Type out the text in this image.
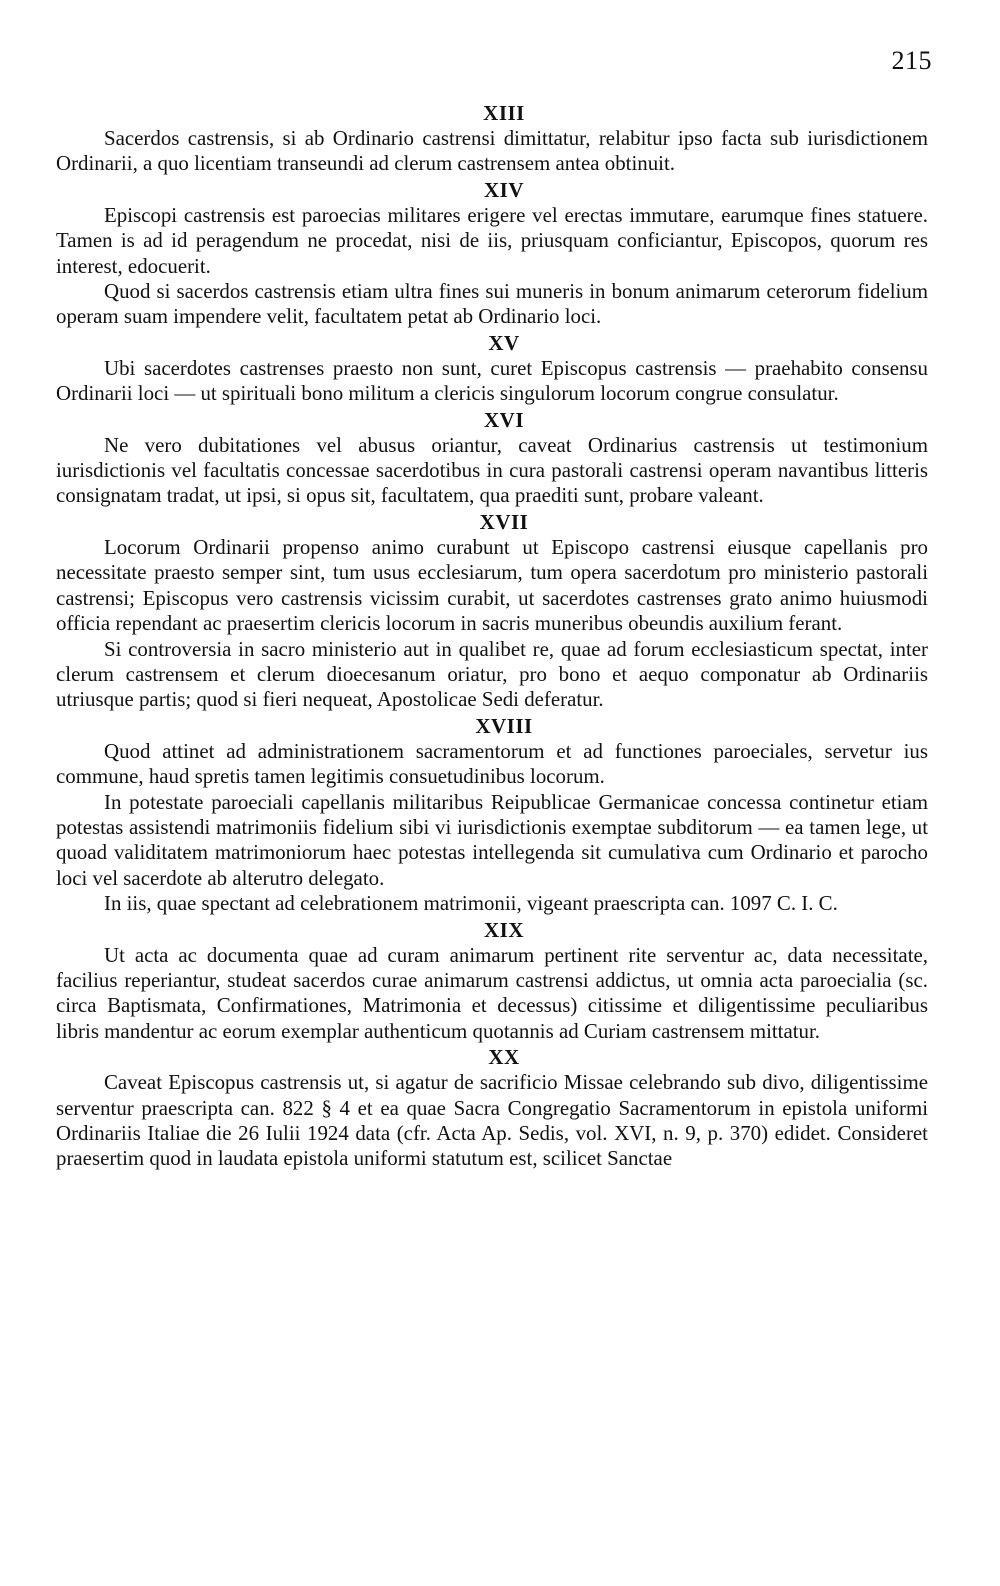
215
XIII

Sacerdos castrensis, si ab Ordinario castrensi dimittatur, relabitur ipso facta sub iurisdictionem Ordinarii, a quo licentiam transeundi ad clerum castrensem antea obtinuit.

XIV

Episcopi castrensis est paroecias militares erigere vel erectas immutare, earumque fines statuere. Tamen is ad id peragendum ne procedat, nisi de iis, priusquam conficiantur, Episcopos, quorum res interest, edocuerit.

Quod si sacerdos castrensis etiam ultra fines sui muneris in bonum animarum ceterorum fidelium operam suam impendere velit, facultatem petat ab Ordinario loci.

XV

Ubi sacerdotes castrenses praesto non sunt, curet Episcopus castrensis — praehabito consensu Ordinarii loci — ut spirituali bono militum a clericis singulorum locorum congrue consulatur.

XVI

Ne vero dubitationes vel abusus oriantur, caveat Ordinarius castrensis ut testimonium iurisdictionis vel facultatis concessae sacerdotibus in cura pastorali castrensi operam navantibus litteris consignatam tradat, ut ipsi, si opus sit, facultatem, qua praediti sunt, probare valeant.

XVII

Locorum Ordinarii propenso animo curabunt ut Episcopo castrensi eiusque capellanis pro necessitate praesto semper sint, tum usus ecclesiarum, tum opera sacerdotum pro ministerio pastorali castrensi; Episcopus vero castrensis vicissim curabit, ut sacerdotes castrenses grato animo huiusmodi officia rependant ac praesertim clericis locorum in sacris muneribus obeundis auxilium ferant.

Si controversia in sacro ministerio aut in qualibet re, quae ad forum ecclesiasticum spectat, inter clerum castrensem et clerum dioecesanum oriatur, pro bono et aequo componatur ab Ordinariis utriusque partis; quod si fieri nequeat, Apostolicae Sedi deferatur.

XVIII

Quod attinet ad administrationem sacramentorum et ad functiones paroeciales, servetur ius commune, haud spretis tamen legitimis consuetudinibus locorum.

In potestate paroeciali capellanis militaribus Reipublicae Germanicae concessa continetur etiam potestas assistendi matrimoniis fidelium sibi vi iurisdictionis exemptae subditorum — ea tamen lege, ut quoad validitatem matrimoniorum haec potestas intellegenda sit cumulativa cum Ordinario et parocho loci vel sacerdote ab alterutro delegato.

In iis, quae spectant ad celebrationem matrimonii, vigeant praescripta can. 1097 C. I. C.

XIX

Ut acta ac documenta quae ad curam animarum pertinent rite serventur ac, data necessitate, facilius reperiantur, studeat sacerdos curae animarum castrensi addictus, ut omnia acta paroecialia (sc. circa Baptismata, Confirmationes, Matrimonia et decessus) citissime et diligentissime peculiaribus libris mandentur ac eorum exemplar authenticum quotannis ad Curiam castrensem mittatur.

XX

Caveat Episcopus castrensis ut, si agatur de sacrificio Missae celebrando sub divo, diligentissime serventur praescripta can. 822 § 4 et ea quae Sacra Congregatio Sacramentorum in epistola uniformi Ordinariis Italiae die 26 Iulii 1924 data (cfr. Acta Ap. Sedis, vol. XVI, n. 9, p. 370) edidet. Consideret praesertim quod in laudata epistola uniformi statutum est, scilicet Sanctae
